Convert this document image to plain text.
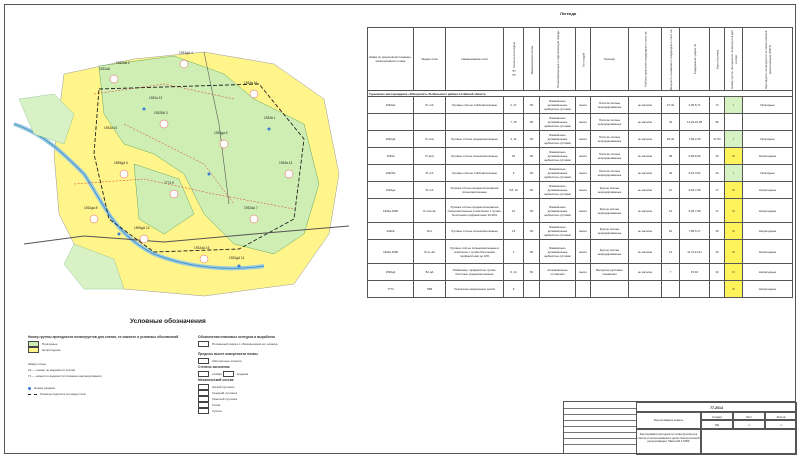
1932аА
1932аА 2
1932дА 4
1933а 16
1932бА 3
1932да 5
1932в 13
1599дА 6
7774 9
1932аА 7
1932да 8
1599дА 14
1932аА 15
1932а 12
1932в 1
1932дА 11
1933а 10
Условные обозначения
Номер группы пригодности почвогрунтов для снятия, ее нижнего и условных обозначений
Пригодные
Непригодные
Шифр почвы
А1 — номер по ведомости снятия
Г1 — номер по ведомости почвенно-мелиоративного
Номер разреза
Граница подсчета площади почв
Обозначения плановых контуров и выработок
Почвенный разрез с обозначением его номера
Пределы высот поверхности почвы
Абсолютные отметки
Степень засоления
слабая	средняя
Механический состав
Легкий суглинок
Средний суглинок
Тяжелый суглинок
Глина
Супесь
Легенда
Шифр по результатам почвенно-мелиоративного плана	Индекс почв	Наименование почв	№№ почвенных контуров	Механический состав	Почвообразующие и подстилающие породы	Тип угодий	Рельеф	Глубина залегания плодородного слоя, см	Мощность снимаемого плодородного слоя, см	Содержание гумуса, %	Балл бонитета	Номер группы пригодности почвогрунтов для снятия	Пригодность почвогрунтов по биологической рекультивации (ГОСТ)
Гурьевское месторождение «Обнорского» Рыбальского района Алтайской области													
1932аА	Лг-глА	Луговые слитые слабозасоленные	2, 17	ЛС	Элювиально-делювиальные щебнистые суглинки	выгон	Пологие склоны неэродированные	не засолен	27-42	3,05-5,71	74	I	Пригодные
			7, 15	ЛС	Элювиально-делювиальные щебнистые суглинки	выгон	Пологие склоны неэродированные	не засолен	43	14,29-16,38	96		
1932дА	Лг-хлА	Луговые слитые среднезасоленные	4, 11	ЛС	Элювиально-делювиальные щебнистые суглинки	выгон	Пологие склоны неэродированные	не засолен	26-42	7,96-2,45	47-54	I	Пригодные
1933а	Лг-влА	Луговые слитые сильнозасоленные	16	ЛС	Элювиально-делювиальные щебнистые суглинки	выгон	Пологие склоны неэродированные	не засолен	38	6,09-6,99	33	III	Непригодные
1932бА	Лг-сгА	Луговые слитые слабозасоленные	3	ЛС	Элювиально-делювиальные щебнистые суглинки	выгон	Пологие склоны неэродированные	не засолен	40	6,01-3,64	44	I	Пригодные
1932да	Лг-сгА	Луговые слитые среднесолончакоые сильнозасоленные	5,8, 16	ЛС	Элювиально-делювиальные щебнистые суглинки	выгон	Крутые склоны неэродированные	не засолен	12	6,49-7,98	17	III	Непригодные
1932а-1996	Лг-сгА+Ко	Луговые слитые среднесолончакоые сильнозасоленные в комплексе с лугово-болотными торфянистыми 10-30%	12	ЛС	Элювиально-делювиальные щебнистые суглинки	выгон	Крутые склоны неэродированные	не засолен	12	6,06-7,98	17	III	Непригодные
1932в	Лгсх	Луговые слитые сильнозасоленные	13	ЛС	Элювиально-делювиальные щебнистые суглинки	выгон	Крутые склоны неэродированные	не засолен	10	7,98-5,17	15	III	Непригодные
1932в-1996	Лг-сг+Ко	Луговые слитые сильнозасоленные в комплексе с лугово-болотными торфянистыми до 10%	1	ЛС	Элювиально-делювиальные щебнистые суглинки	выгон	Крутые склоны неэродированные	не засолен	14	11,72-11,51	20	III	Непригодные
1599дА	Бл.дА	Пойменные торфянистые лугово-болотные среднезасоленные	6, 14	ЛС	Аллювиальные отложения	выгон	Выпуклые русловые понижения	не засолен	7	15,94	33	III	Непригодные
7774	ПКБ	Техногенно-нарушенные земли	9									III	Непригодные
77-2014
Рекультивация земель
Стадия	Лист	Листов
РД	1	1
Картограмма пригодности почвогрунтов для снятия и использования в целях биологической рекультивации, Масштаб 1:5000
